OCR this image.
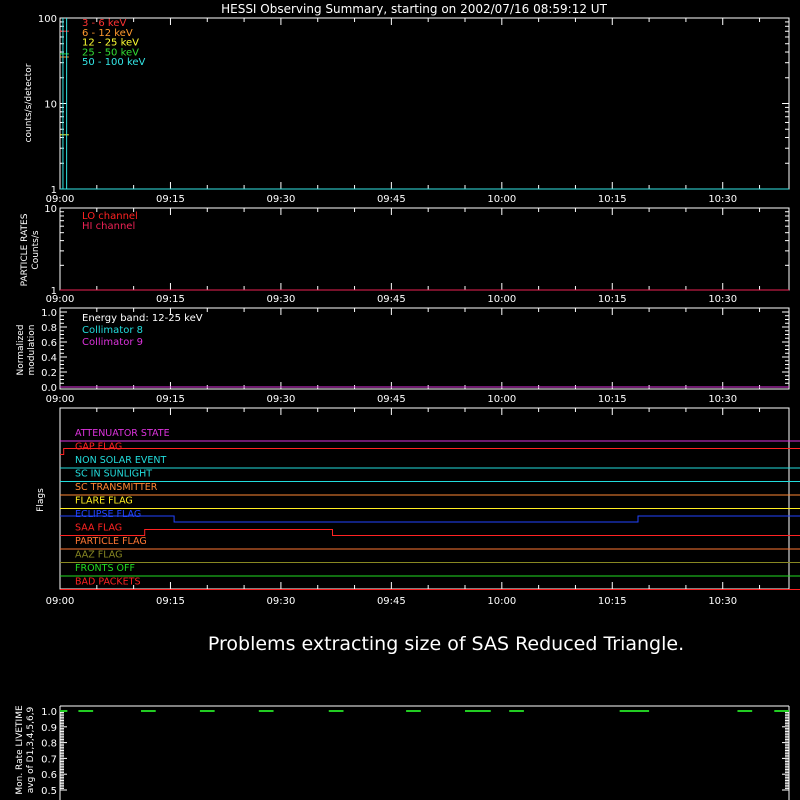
HESSI Observing Summary, starting on 2002/07/16 08:59:12 UT
1
10
100
counts/s/detector
09:00	09:15	09:30	09:45	10:00	10:15	10:30
3 - 6 keV
6 - 12 keV
12 - 25 keV
25 - 50 keV
50 - 100 keV
1
10
PARTICLE RATES Counts/s
09:00	09:15	09:30	09:45	10:00	10:15	10:30
LO channel
HI channel
0.0
0.2
0.4
0.6
0.8
1.0
Normalized modulation
09:00	09:15	09:30	09:45	10:00	10:15	10:30
Energy band: 12-25 keV
Collimator 8
Collimator 9
09:00	09:15	09:30	09:45	10:00	10:15	10:30
Flags
ATTENUATOR STATE
GAP FLAG
NON SOLAR EVENT
SC IN SUNLIGHT
SC TRANSMITTER
FLARE FLAG
ECLIPSE FLAG
SAA FLAG
PARTICLE FLAG
AAZ FLAG
FRONTS OFF
BAD PACKETS
0.5
0.6
0.7
0.8
0.9
1.0
Mon. Rate LIVETIME avg of D1,3,4,5,6,9
Problems extracting size of SAS Reduced Triangle.
